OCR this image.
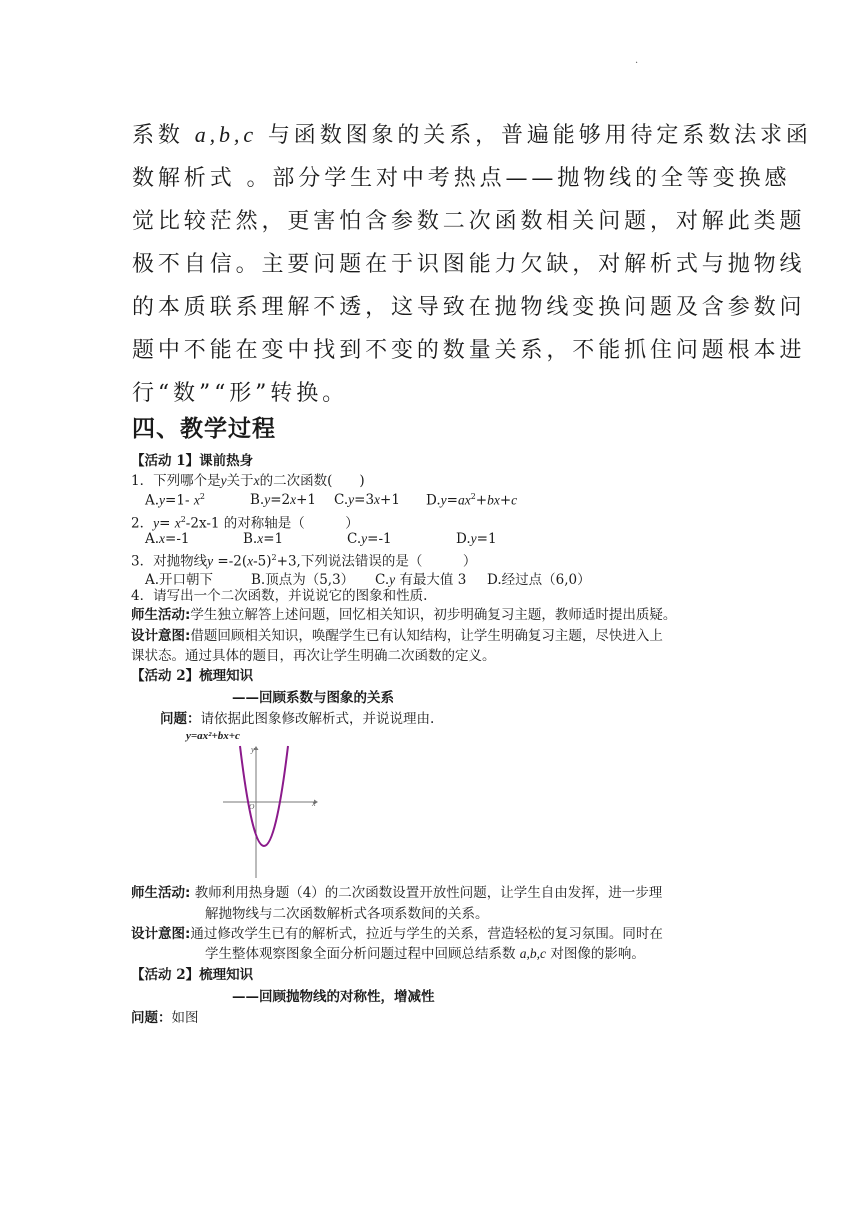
·

系数 a,b,c 与函数图象的关系，普遍能够用待定系数法求函

数解析式 。部分学生对中考热点——抛物线的全等变换感

觉比较茫然，更害怕含参数二次函数相关问题，对解此类题

极不自信。主要问题在于识图能力欠缺，对解析式与抛物线

的本质联系理解不透，这导致在抛物线变换问题及含参数问

题中不能在变中找到不变的数量关系，不能抓住问题根本进

行“数”“形”转换。

四、教学过程
【活动 1】课前热身
1．下列哪个是y关于x的二次函数(　　)
A.y=1- $x^2$	B.y=2x+1 C.y=3x+1 $D.y=ax^2+bx+c$
2．$y= x^2-2x-1$ 的对称轴是（　　　）
A.x=-1	B.x=1	C.y=-1	D.y=1
3．对抛物线$y =-2(x-5)^2+3$,下列说法错误的是（　　　）
A.开口朝下	B.顶点为（5,3） C.y 有最大值 3 D.经过点（6,0）
4．请写出一个二次函数，并说说它的图象和性质.
师生活动:学生独立解答上述问题，回忆相关知识，初步明确复习主题，教师适时提出质疑。
设计意图:借题回顾相关知识，唤醒学生已有认知结构，让学生明确复习主题，尽快进入上
课状态。通过具体的题目，再次让学生明确二次函数的定义。
【活动 2】梳理知识
——回顾系数与图象的关系
问题：请依据此图象修改解析式，并说说理由.
y=ax²+bx+c
y
x
O
师生活动: 教师利用热身题（4）的二次函数设置开放性问题，让学生自由发挥，进一步理
解抛物线与二次函数解析式各项系数间的关系。
设计意图:通过修改学生已有的解析式，拉近与学生的关系，营造轻松的复习氛围。同时在
学生整体观察图象全面分析问题过程中回顾总结系数 a,b,c 对图像的影响。
【活动 2】梳理知识
——回顾抛物线的对称性，增减性
问题：如图
